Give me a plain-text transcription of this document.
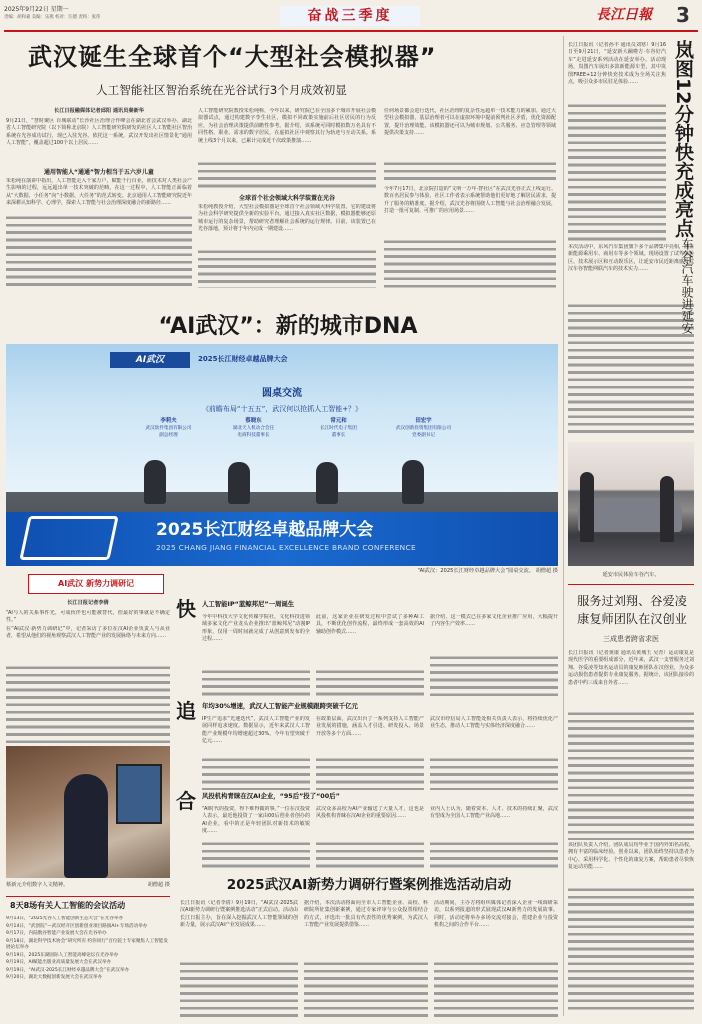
2025年9月22日 星期一
责编：胡和嘉 美编：乐燕 校对：汪德 责校：张伟	奋战三季度	長江日報 3
武汉诞生全球首个“大型社会模拟器”
人工智能社区智治系统在光谷试行3个月成效初显
长江日报融媒体记者邱阳 通讯员秦新华
9月21日，“慧时聚区 百城联动”长沙社区治理合作峰会在湖北省会武汉举办，湖北省人工智能研究院（以下简称北京院）人工智能研究院研发的社区人工智能社区智治系统在光谷成功试行，现已入驻光谷。依托这一系统，武汉开发出社区情景化“通用人工智能”，覆盖超过100个以上居民……
通用智能人“通通”智力相当于五六岁儿童
朱松纯在演讲中指出，人工智能走入千家万户，赋能千行百业，而技术对人类社会产生影响的过程，远远超出单一技术突破的范畴。在这一过程中，人工智能正面临着从“大数据、小任务”向“小数据、大任务”的范式转变。北京通用人工智能研究院近年来深耕认知科学、心理学，探索人工智能与社会治理深度融合的新路径……
人工智能研究院教授朱松纯称，今年以来，研究院已在全国多个城市开展社会模拟器试点，通过构建数字孪生社区，模拟不同政策实施前后社区居民的行为反应，为社会治理决策提供前瞻性参考。据介绍，该系统可同时模拟数万名具有不同性格、职业、需求的数字居民，在虚拟社区中观察其行为轨迹与互动关系。系统上线3个月以来，已累计完成近千次政策推演……
全球首个社会领域大科学装置在光谷
朱松纯教授介绍，大型社会模拟器是全球首个社会领域大科学装置，它的建设将为社会科学研究提供全新的实验平台。通过接入真实社区数据，模拟器能够还原城市运行的复杂场景，帮助研究者理解社会系统的运行规律。目前，该装置已在光谷落地，预计将于年内完成一期建设……
任何场景都会进行迭代，社区治理的复杂性远超单一技术能力的累加。通过大型社会模拟器，基层治理者可以在虚拟环境中提前预判社区矛盾，优化资源配置，提升治理效能。该模拟器还可以为城市规划、公共服务、应急管理等领域提供决策支持……
今年7月17日，北京院打造的“文明一万年·智社区”在武汉光谷正式上线运行。数百名居民参与体验，社区工作者表示系统帮助他们更好地了解居民需求，提升了服务的精准度。据介绍，武汉光谷将围绕人工智能与社会治理融合发展，打造一批可复制、可推广的应用场景……
长江日报讯（记者孙丰 通讯员刘寒）9月16日至9月21日，“延安新大蹦啦方·车谷好汽车”走进延安系列活动在延安举办。活动现场，岚图汽车展出多款新能源车型，其中岚图FREE+12分钟快充技术成为全场关注焦点，吸引众多市民驻足体验……
本次活动中，东风汽车集团旗下多个品牌集中亮相，涵盖新能源乘用车、商用车等多个领域。现场设置了试驾体验区、技术展示区和互动娱乐区，让延安市民近距离感受武汉车谷智能网联汽车的技术实力……
岚图12分钟快充成亮点
车谷汽车驶进延安
延安市民体验车谷汽车。
服务过刘翔、谷爱凌 康复师团队在汉创业
三成患者跨省求医
长江日报讯（记者黄康 通讯员黄城玉 吴青）运动康复是现代医学的重要组成部分，近年来，武汉一支曾服务过刘翔、谷爱凌等知名运动员的康复师团队在汉创业，为众多运动损伤患者提供专业康复服务。据统计，该团队接诊的患者中约三成来自外省……
该团队负责人介绍，团队成员均毕业于国内外知名高校，拥有丰富的临床经验。创业以来，团队始终坚持以患者为中心，采用科学化、个性化的康复方案，帮助患者尽快恢复运动功能……
“AI武汉”：新的城市DNA
AI武汉	2025长江财经卓越品牌大会
圆桌交流
《前瞻布局“十五五”，武汉何以抢抓人工智能+？》
李莉夫
武汉软件集团有限公司
副总经理
蔡晓东
湖北天人机动合会任
电商科技董事长
常元和
长江时代电子集团
董事长
田宏宇
武汉创新投资集团有限公司
党委副书记
2025长江财经卓越品牌大会
2025 CHANG JIANG FINANCIAL EXCELLENCE BRAND CONFERENCE
“AI武汉：2025长江财经卓越品牌大会”圆桌交流。 胡僧超 摄
AI武汉 新势力调研记
长江日报记者李倩
“AI与人的关系事件光，可成伙伴也可能被替代，但最好的事就是不确定性。”
在“AI武汉·新势力调研记”中，记者采访了多位在汉AI企业负责人与从业者，希望从他们的视角观察武汉人工智能产业的发展脉络与未来方向……
蔡新元介绍数字人文精神。	胡僧超 摄
快 人工智能IP“蓝鲸邦尼”一周诞生
今年中科技大学文化传媒学院社，文化科技进领域多家文化产业龙头企业推出“蓝鲸邦尼”动漫IP形象，仅用一周时间就完成了从创意到发布的全过程……
此前，这家企业在研发过程中尝试了多种AI工具，不断优化创作流程，最终形成一套高效的AI辅助创作模式……
据介绍，这一模式已在多家文化企业推广应用，大幅提升了内容生产效率……
追 年均30%增速，武汉人工智能产业规模跟跨突破千亿元
IP生产追求“光速迭代”，武汉人工智能产业的发展同样追求速度。数据显示，近年来武汉人工智能产业规模年均增速超过30%，今年有望突破千亿元……
在政策层面，武汉出台了一系列支持人工智能产业发展的措施，涵盖人才引进、研发投入、场景开放等多个方面……
武汉市经信局人工智能处相关负责人表示，将持续优化产业生态，推动人工智能与实体经济深度融合……
合 风投机构青睐在汉AI企业，“95后”投了“00后”
“AI时代的投资，得下难得做的事。”一位在汉投资人表示，最近他投资了一家由00后创业者创办的AI企业，看中的正是年轻团队对新技术的敏锐度……
武汉众多高校为AI产业输送了大量人才，这也是风投机构青睐在汉AI企业的重要原因……
业内人士认为，随着资本、人才、技术的持续汇聚，武汉有望成为全国人工智能产业高地……
8天8场有关人工智能的会议活动
9月13日，“2025光谷人工智能创新生态大会”在光谷举办
9月14日，“武创院”—武汉经开区创新创业项目路演AI+专场活动举办
9月17日，内陆数谷智能产业发展大会在光谷举办
9月18日，湖北科学技术协会“研究所有 约你同行”百位院士专家聚焦人工智能发展论坛举办
9月19日，2025东湖国际人工智能高峰论坛在光谷举办
9月19日，AI赋能出版业高质量发展大会在武汉举办
9月19日，“AI武汉·2025长江财经卓越品牌大会”在武汉举办
9月20日，湖北大数据创新发展大会在武汉举办
2025武汉AI新势力调研行暨案例推选活动启动
长江日报讯（记者李倩）9月19日，“AI武汉·2025武汉AI新势力调研行暨案例推选活动”正式启动。活动由长江日报主办，旨在深入挖掘武汉人工智能领域的创新力量，展示武汉AI产业发展成果……
据介绍，本次活动将面向全市人工智能企业、高校、科研院所征集创新案例，通过专家评审与公众投票相结合的方式，评选出一批具有代表性的优秀案例，为武汉人工智能产业发展提供借鉴……
活动期间，主办方将组织媒体记者深入企业一线调研采访，以系列报道的形式展现武汉AI新势力的发展故事。同时，活动还将举办多场交流对接会，搭建企业与投资机构之间的合作平台……
